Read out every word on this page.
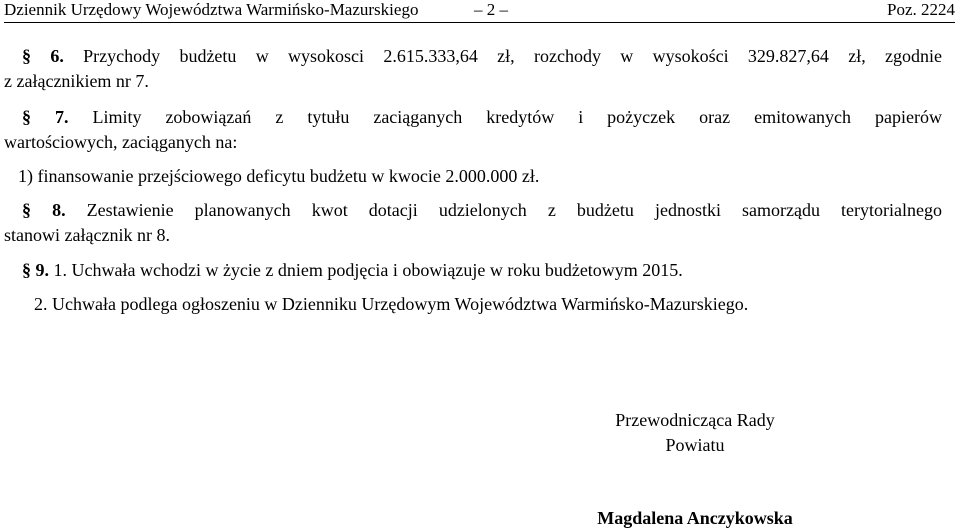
Dziennik Urzędowy Województwa Warmińsko-Mazurskiego	– 2 –	Poz. 2224
§ 6. Przychody budżetu w wysokosci 2.615.333,64 zł, rozchody w wysokości 329.827,64 zł, zgodnie
z załącznikiem nr 7.
§ 7. Limity zobowiązań z tytułu zaciąganych kredytów i pożyczek oraz emitowanych papierów
wartościowych, zaciąganych na:
1) finansowanie przejściowego deficytu budżetu w kwocie 2.000.000 zł.
§ 8. Zestawienie planowanych kwot dotacji udzielonych z budżetu jednostki samorządu terytorialnego
stanowi załącznik nr 8.
§ 9. 1. Uchwała wchodzi w życie z dniem podjęcia i obowiązuje w roku budżetowym 2015.
2. Uchwała podlega ogłoszeniu w Dzienniku Urzędowym Województwa Warmińsko-Mazurskiego.
Przewodnicząca Rady
Powiatu
Magdalena Anczykowska
